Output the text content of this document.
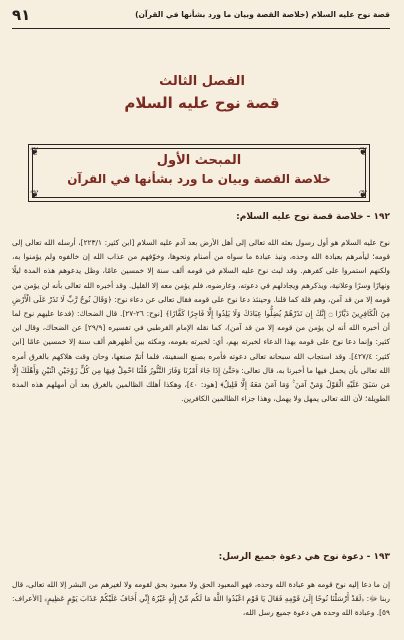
قصة نوح عليه السلام (خلاصة القصة وبيان ما ورد بشأنها في القرآن)
٩١
الفصل الثالث
قصة نوح عليه السلام
❦	❦
❦	❦
المبحث الأول
خلاصة القصة وبيان ما ورد بشأنها في القرآن
١٩٢ - خلاصة قصة نوح عليه السلام:
نوح عليه السلام هو أول رسول بعثه الله تعالى إلى أهل الأرض بعد آدم عليه السلام [ابن كثير: ٢٢٣/١]، أرسله الله تعالى إلى قومه؛ ليأمرهم بعبادة الله وحده، ونبذ عبادة ما سواه من أصنام ونحوها، وخوّفهم من عذاب الله إن خالفوه ولم يؤمنوا به، ولكنهم استمروا على كفرهم. وقد لبث نوح عليه السلام في قومه ألف سنة إلا خمسين عامًا، وظل يدعوهم هذه المدة ليلًا ونهارًا وسرًا وعلانية، ويذكرهم ويجادلهم في دعوته، وعارضوه، فلم يؤمن معه إلا القليل. وقد أخبره الله تعالى بأنه لن يؤمن من قومه إلا من قد آمن، وهم قلة كما قلنا. وحينئذ دعا نوح على قومه فقال تعالى عن دعاء نوح: ﴿وَقَالَ نُوحٌ رَّبِّ لَا تَذَرْ عَلَى الْأَرْضِ مِنَ الْكَافِرِينَ دَيَّارًا ۝ إِنَّكَ إِن تَذَرْهُمْ يُضِلُّوا عِبَادَكَ وَلَا يَلِدُوا إِلَّا فَاجِرًا كَفَّارًا﴾ [نوح: ٢٦-٢٧]. قال الضحاك: (فدعا عليهم نوح لما أن أخبره الله أنه لن يؤمن من قومه إلا من قد آمن)، كما نقله الإمام القرطبي في تفسيره [٢٩/٩] عن الضحاك، وقال ابن كثير: وإنما دعا نوح على قومه بهذا الدعاء لخبرته بهم، أي: لخبرته بقومه، ومكثه بين أظهرهم ألف سنة إلا خمسين عامًا [ابن كثير: ٤٢٧/٤]. وقد استجاب الله سبحانه تعالى دعوته فأمره بصنع السفينة، فلما أتمّ صنعها، وحان وقت هلاكهم بالغرق أمره الله تعالى بأن يحمل فيها ما أخبرنا به، قال تعالى: ﴿حَتَّىٰ إِذَا جَاءَ أَمْرُنَا وَفَارَ التَّنُّورُ قُلْنَا احْمِلْ فِيهَا مِن كُلٍّ زَوْجَيْنِ اثْنَيْنِ وَأَهْلَكَ إِلَّا مَن سَبَقَ عَلَيْهِ الْقَوْلُ وَمَنْ آمَنَ ۚ وَمَا آمَنَ مَعَهُ إِلَّا قَلِيلٌ﴾ [هود: ٤٠]، وهكذا أهلك الظالمين بالغرق بعد أن أمهلهم هذه المدة الطويلة؛ لأن الله تعالى يمهل ولا يهمل، وهذا جزاء الظالمين الكافرين.
١٩٣ - دعوة نوح هي دعوة جميع الرسل:
إن ما دعا إليه نوح قومه هو عبادة الله وحده، فهو المعبود الحق ولا معبود بحق لقومه ولا لغيرهم من البشر إلا الله تعالى، قال ربنا ﷻ: ﴿لَقَدْ أَرْسَلْنَا نُوحًا إِلَىٰ قَوْمِهِ فَقَالَ يَا قَوْمِ اعْبُدُوا اللَّهَ مَا لَكُم مِّنْ إِلَٰهٍ غَيْرُهُ إِنِّي أَخَافُ عَلَيْكُمْ عَذَابَ يَوْمٍ عَظِيمٍ﴾ [الأعراف: ٥٩]. وعبادة الله وحده هي دعوة جميع رسل الله،
